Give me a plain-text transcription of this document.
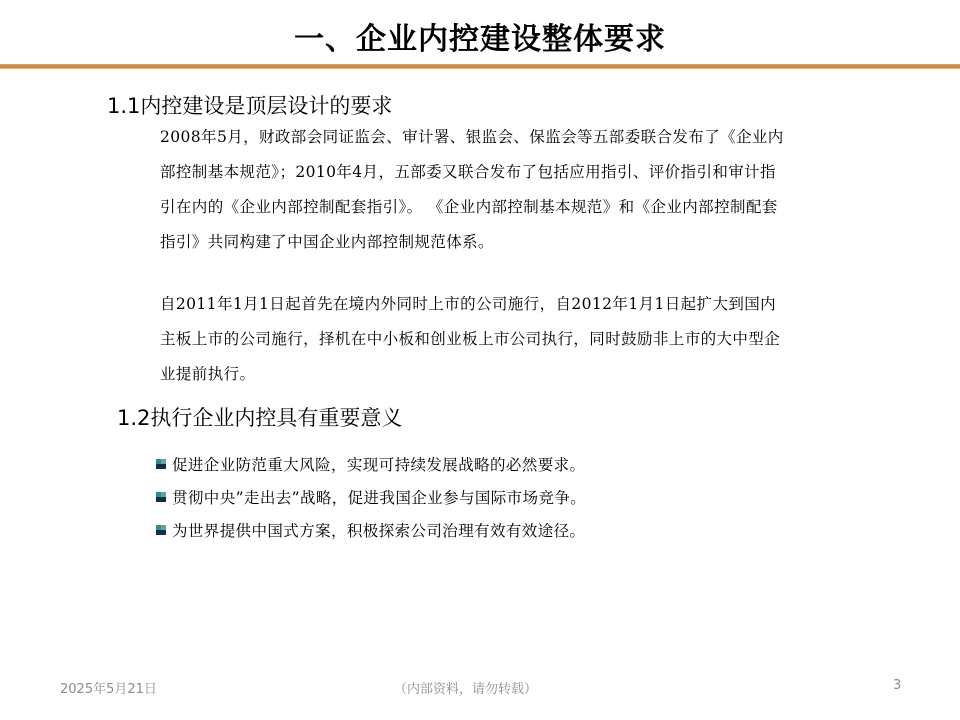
一、企业内控建设整体要求
1.1内控建设是顶层设计的要求
2008年5月，财政部会同证监会、审计署、银监会、保监会等五部委联合发布了《企业内部控制基本规范》；2010年4月，五部委又联合发布了包括应用指引、评价指引和审计指引在内的《企业内部控制配套指引》。 《企业内部控制基本规范》和《企业内部控制配套指引》共同构建了中国企业内部控制规范体系。
自2011年1月1日起首先在境内外同时上市的公司施行，自2012年1月1日起扩大到国内主板上市的公司施行，择机在中小板和创业板上市公司执行，同时鼓励非上市的大中型企业提前执行。
1.2执行企业内控具有重要意义
促进企业防范重大风险，实现可持续发展战略的必然要求。
贯彻中央”走出去”战略，促进我国企业参与国际市场竞争。
为世界提供中国式方案，积极探索公司治理有效有效途径。
2025年5月21日	（内部资料，请勿转载）	3
